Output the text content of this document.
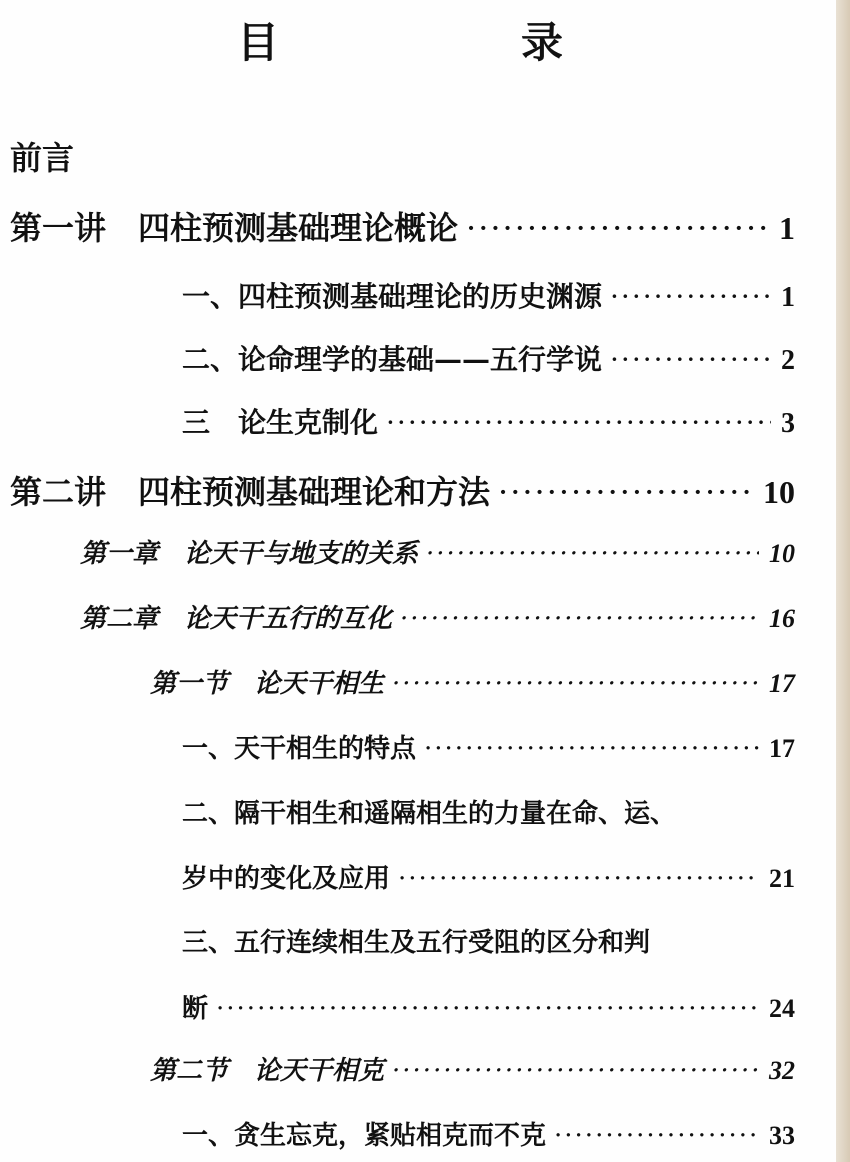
目　录
前言
第一讲　四柱预测基础理论概论 ·····	1
一、四柱预测基础理论的历史渊源 ·····	1
二、论命理学的基础——五行学说 ·····	2
三　论生克制化 ·····	3
第二讲　四柱预测基础理论和方法 ·····	10
第一章　论天干与地支的关系 ·····	10
第二章　论天干五行的互化 ·····	16
第一节　论天干相生 ·····	17
一、天干相生的特点 ·····	17
二、隔干相生和遥隔相生的力量在命、运、
岁中的变化及应用 ·····	21
三、五行连续相生及五行受阻的区分和判
断 ·····	24
第二节　论天干相克 ·····	32
一、贪生忘克，紧贴相克而不克 ·····	33
